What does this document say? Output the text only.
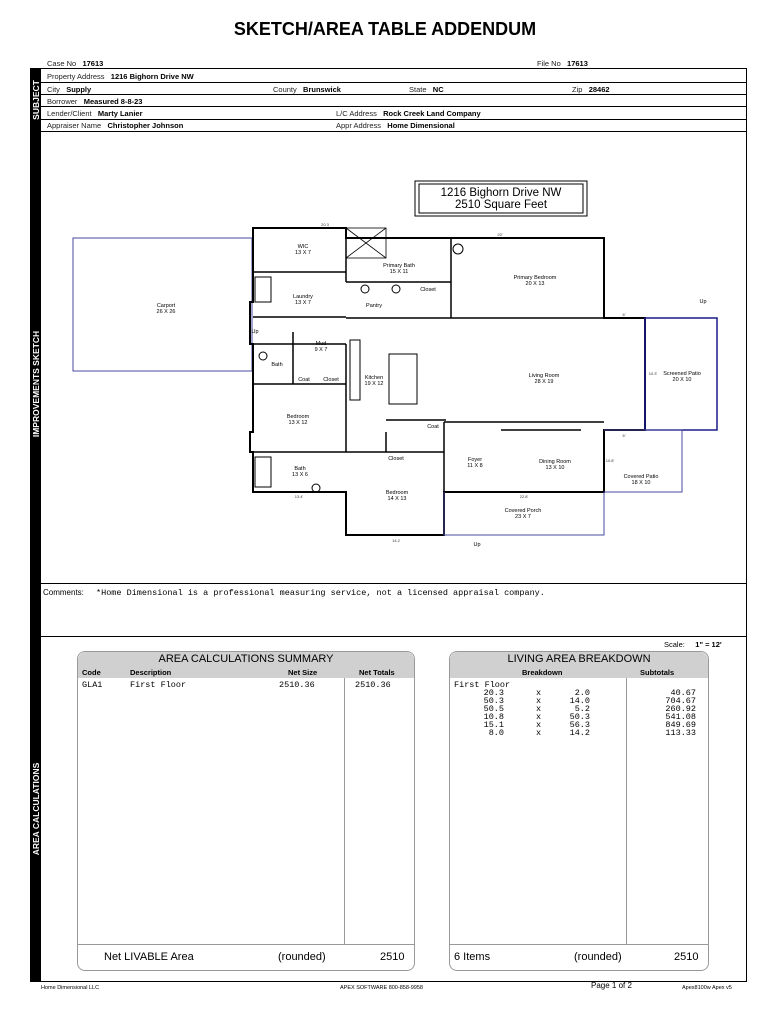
SKETCH/AREA TABLE ADDENDUM
SUBJECT
IMPROVEMENTS SKETCH
AREA CALCULATIONS
Case No 17613	File No 17613
Property Address 1216 Bighorn Drive NW
City Supply	County Brunswick	State NC	Zip 28462
Borrower Measured 8-8-23
Lender/Client Marty Lanier	L/C Address Rock Creek Land Company
Appraiser Name Christopher Johnson	Appr Address Home Dimensional
1216 Bighorn Drive NW
2510 Square Feet
Carport 26 X 26
WIC 13 X 7
Primary Bath 15 X 11
Primary Bedroom 20 X 13
Laundry 13 X 7	Pantry
Closet
Mud 9 X 7
Bath
Coat Closet	Kitchen 19 X 12
Living Room 28 X 19
Screened Patio 20 X 10
Bedroom 13 X 12
Coat
Closet	Foyer 11 X 8
Dining Room 13 X 10
Covered Patio 18 X 10
Bath 13 X 6
Bedroom 14 X 13
Covered Porch 23 X 7
Up
Up
Up
20.3
20'
22.8'
14.2
13.4'
6'
6'
10.3'
10.8'
Comments: *Home Dimensional is a professional measuring service, not a licensed appraisal company.
Scale: 1" = 12'
AREA CALCULATIONS SUMMARY
Code	Description	Net Size	Net Totals
GLA1	First Floor	2510.36	2510.36
Net LIVABLE Area	(rounded)	2510
LIVING AREA BREAKDOWN
Breakdown	Subtotals
First Floor
20.3	x	2.0	40.67
50.3	x	14.0	704.67
50.5	x	5.2	260.92
10.8	x	50.3	541.08
15.1	x	56.3	849.69
8.0	x	14.2	113.33
6 Items	(rounded)	2510
Home Dimensional LLC	APEX SOFTWARE 800-858-9958	Page 1 of 2	Apex8100w Apex v5
